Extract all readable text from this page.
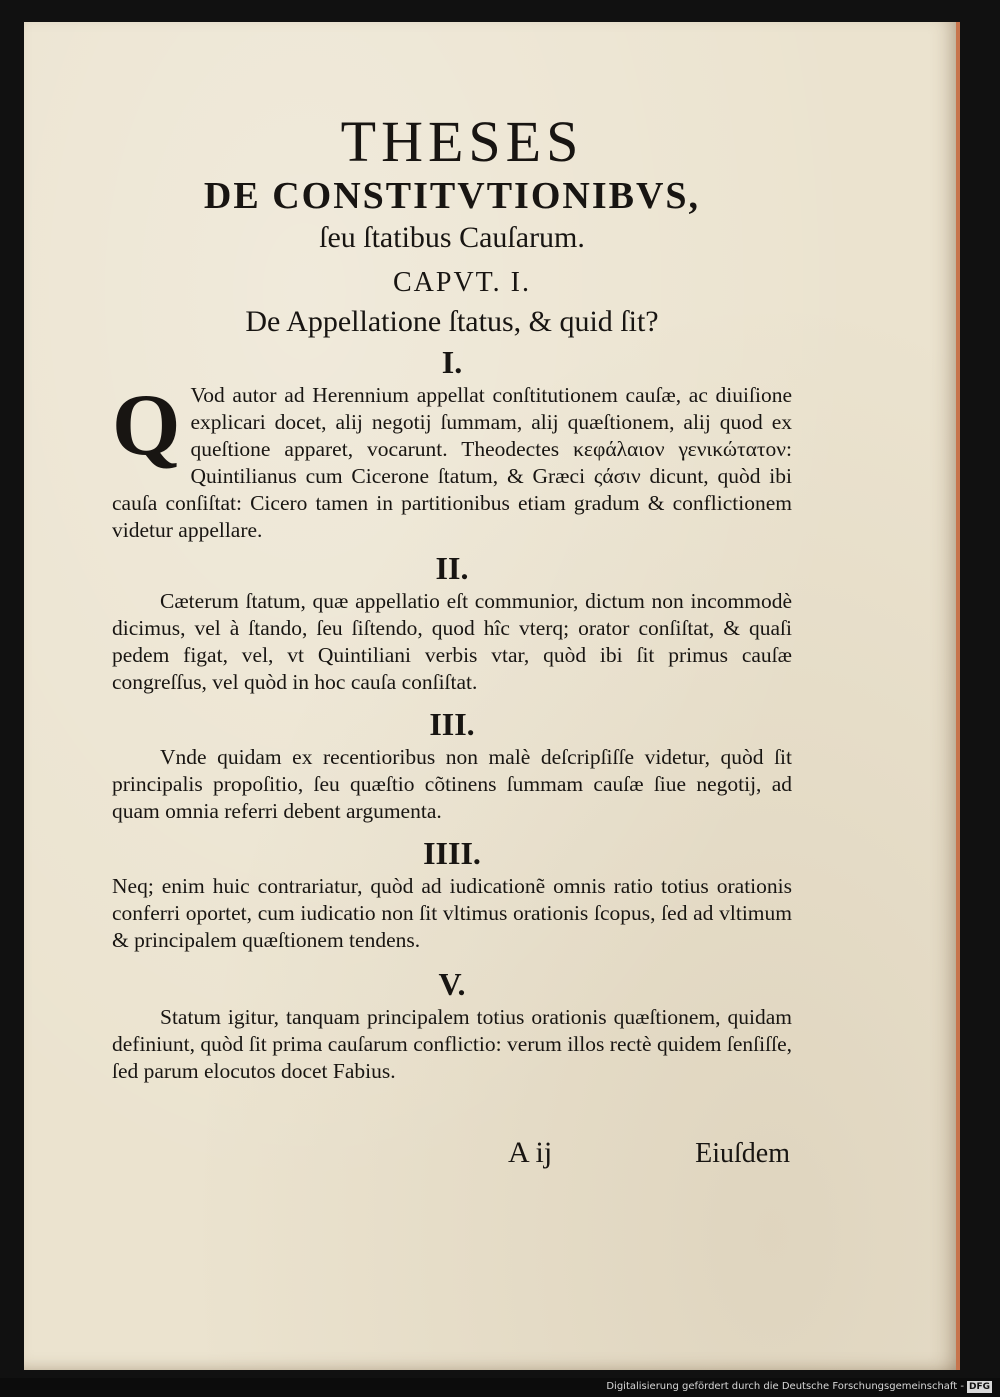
THESES
DE CONSTITVTIONIBVS,
ſeu ſtatibus Cauſarum.
CAPVT. I.
De Appellatione ſtatus, & quid ſit?
I.

Q Vod autor ad Herennium appellat conſtitutionem cauſæ, ac diuiſione explicari docet, alij negotij ſummam, alij quæſtionem, alij quod ex queſtione apparet, vocarunt. Theodectes κεφάλαιον γενικώτατον: Quintilianus cum Cicerone ſtatum, & Græci ςάσιν dicunt, quòd ibi cauſa conſiſtat: Cicero tamen in partitionibus etiam gradum & conflictionem videtur appellare.

II.

Cæterum ſtatum, quæ appellatio eſt communior, dictum non incommodè dicimus, vel à ſtando, ſeu ſiſtendo, quod hîc vterq; orator conſiſtat, & quaſi pedem figat, vel, vt Quintiliani verbis vtar, quòd ibi ſit primus cauſæ congreſſus, vel quòd in hoc cauſa conſiſtat.

III.

Vnde quidam ex recentioribus non malè deſcripſiſſe videtur, quòd ſit principalis propoſitio, ſeu quæſtio cõtinens ſummam cauſæ ſiue negotij, ad quam omnia referri debent argumenta.

IIII.

Neq; enim huic contrariatur, quòd ad iudicationẽ omnis ratio totius orationis conferri oportet, cum iudicatio non ſit vltimus orationis ſcopus, ſed ad vltimum & principalem quæſtionem tendens.

V.

Statum igitur, tanquam principalem totius orationis quæſtionem, quidam definiunt, quòd ſit prima cauſarum conflictio: verum illos rectè quidem ſenſiſſe, ſed parum elocutos docet Fabius.

A ij	Eiuſdem
Digitalisierung gefördert durch die Deutsche Forschungsgemeinschaft - DFG
